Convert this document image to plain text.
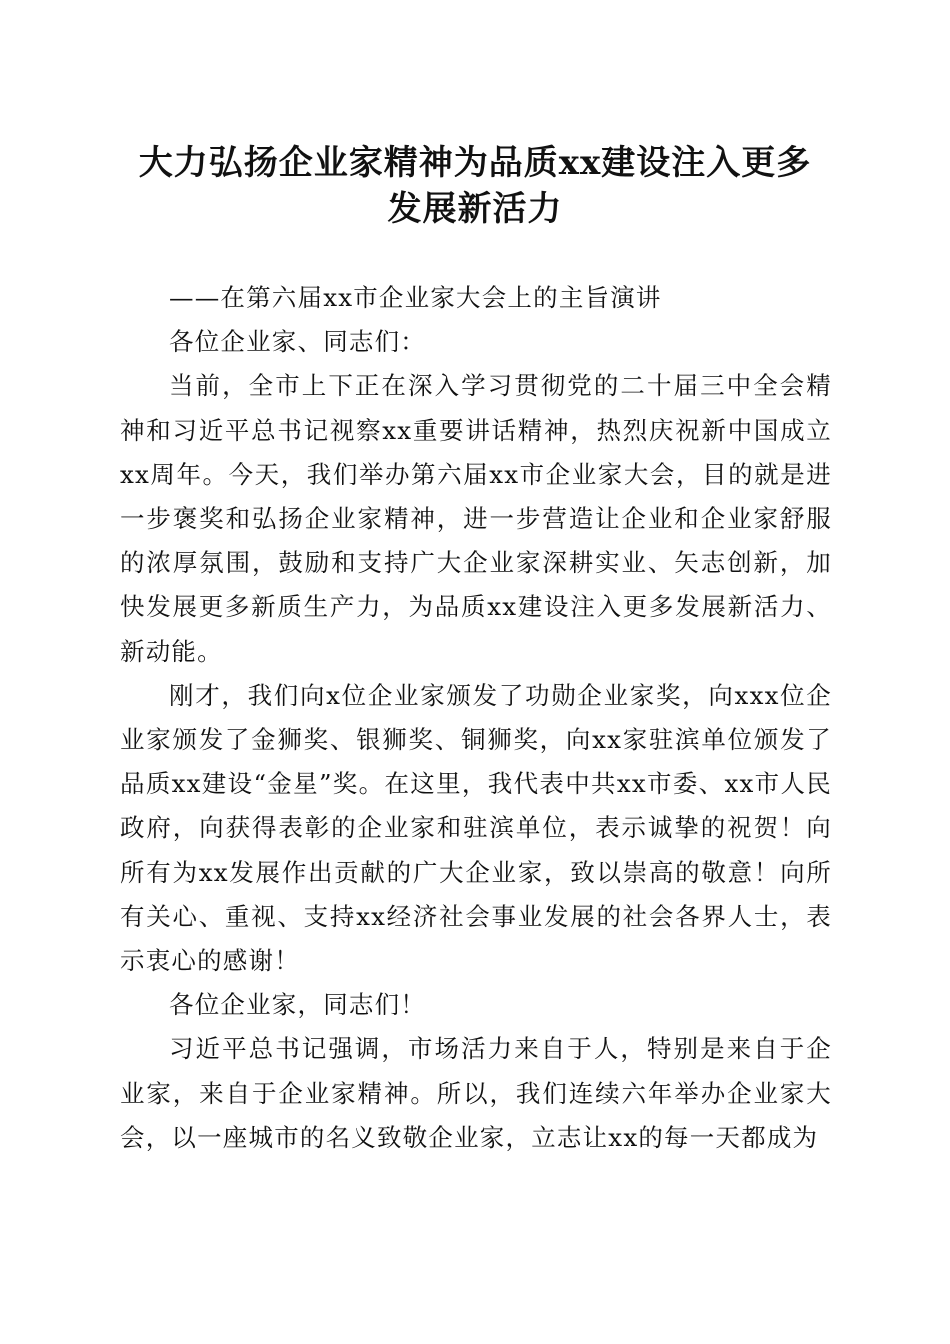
大力弘扬企业家精神为品质xx建设注入更多
发展新活力

——在第六届xx市企业家大会上的主旨演讲

各位企业家、同志们：

当前，全市上下正在深入学习贯彻党的二十届三中全会精神和习近平总书记视察xx重要讲话精神，热烈庆祝新中国成立xx周年。今天，我们举办第六届xx市企业家大会，目的就是进一步褒奖和弘扬企业家精神，进一步营造让企业和企业家舒服的浓厚氛围，鼓励和支持广大企业家深耕实业、矢志创新，加快发展更多新质生产力，为品质xx建设注入更多发展新活力、新动能。

刚才，我们向x位企业家颁发了功勋企业家奖，向xxx位企业家颁发了金狮奖、银狮奖、铜狮奖，向xx家驻滨单位颁发了品质xx建设“金星”奖。在这里，我代表中共xx市委、xx市人民政府，向获得表彰的企业家和驻滨单位，表示诚挚的祝贺！向所有为xx发展作出贡献的广大企业家，致以崇高的敬意！向所有关心、重视、支持xx经济社会事业发展的社会各界人士，表示衷心的感谢！

各位企业家，同志们！

习近平总书记强调，市场活力来自于人，特别是来自于企业家，来自于企业家精神。所以，我们连续六年举办企业家大会，以一座城市的名义致敬企业家，立志让xx的每一天都成为
